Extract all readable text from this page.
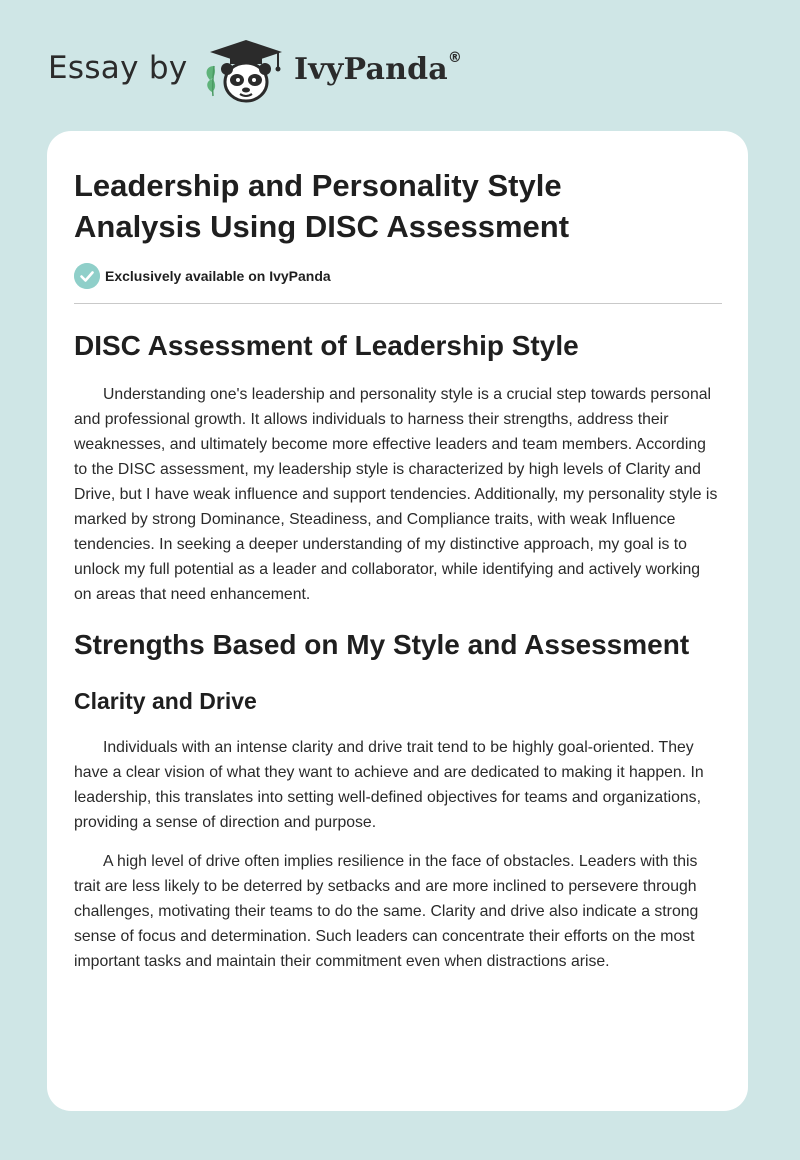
Essay by	IvyPanda®
Leadership and Personality Style Analysis Using DISC Assessment
Exclusively available on IvyPanda
DISC Assessment of Leadership Style

Understanding one's leadership and personality style is a crucial step towards personal and professional growth. It allows individuals to harness their strengths, address their weaknesses, and ultimately become more effective leaders and team members. According to the DISC assessment, my leadership style is characterized by high levels of Clarity and Drive, but I have weak influence and support tendencies. Additionally, my personality style is marked by strong Dominance, Steadiness, and Compliance traits, with weak Influence tendencies. In seeking a deeper understanding of my distinctive approach, my goal is to unlock my full potential as a leader and collaborator, while identifying and actively working on areas that need enhancement.

Strengths Based on My Style and Assessment
Clarity and Drive

Individuals with an intense clarity and drive trait tend to be highly goal-oriented. They have a clear vision of what they want to achieve and are dedicated to making it happen. In leadership, this translates into setting well-defined objectives for teams and organizations, providing a sense of direction and purpose.

A high level of drive often implies resilience in the face of obstacles. Leaders with this trait are less likely to be deterred by setbacks and are more inclined to persevere through challenges, motivating their teams to do the same. Clarity and drive also indicate a strong sense of focus and determination. Such leaders can concentrate their efforts on the most important tasks and maintain their commitment even when distractions arise.
